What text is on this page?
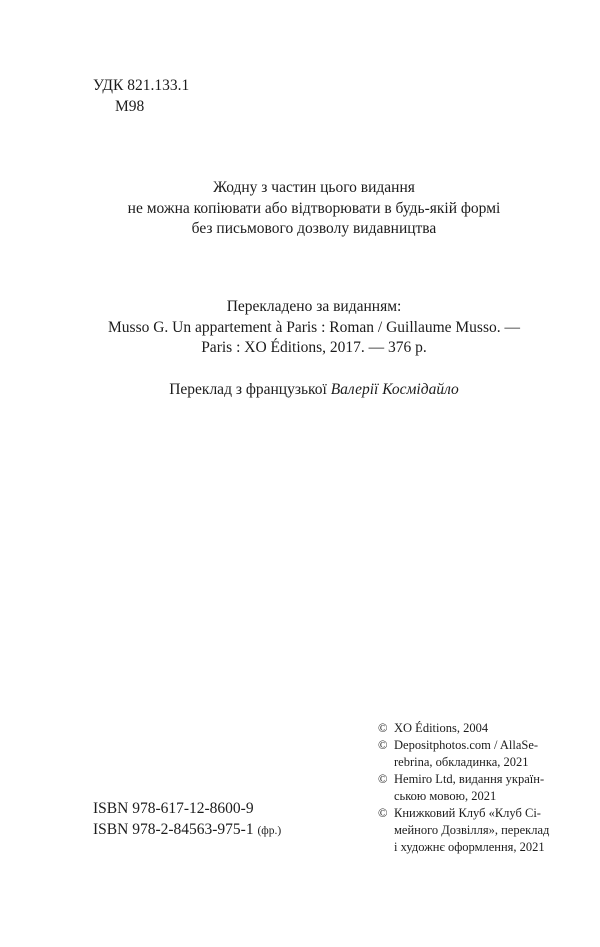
УДК 821.133.1
М98
Жодну з частин цього видання
не можна копіювати або відтворювати в будь-якій формі
без письмового дозволу видавництва
Перекладено за виданням:
Musso G. Un appartement à Paris : Roman / Guillaume Musso. —
Paris : XO Éditions, 2017. — 376 p.
Переклад з французької Валерії Космідайло
© XO Éditions, 2004
© Depositphotos.com / AllaSe-
rebrina, обкладинка, 2021
© Hemiro Ltd, видання україн-
ською мовою, 2021
© Книжковий Клуб «Клуб Сі-
мейного Дозвілля», переклад
і художнє оформлення, 2021
ISBN 978-617-12-8600-9
ISBN 978-2-84563-975-1 (фр.)
